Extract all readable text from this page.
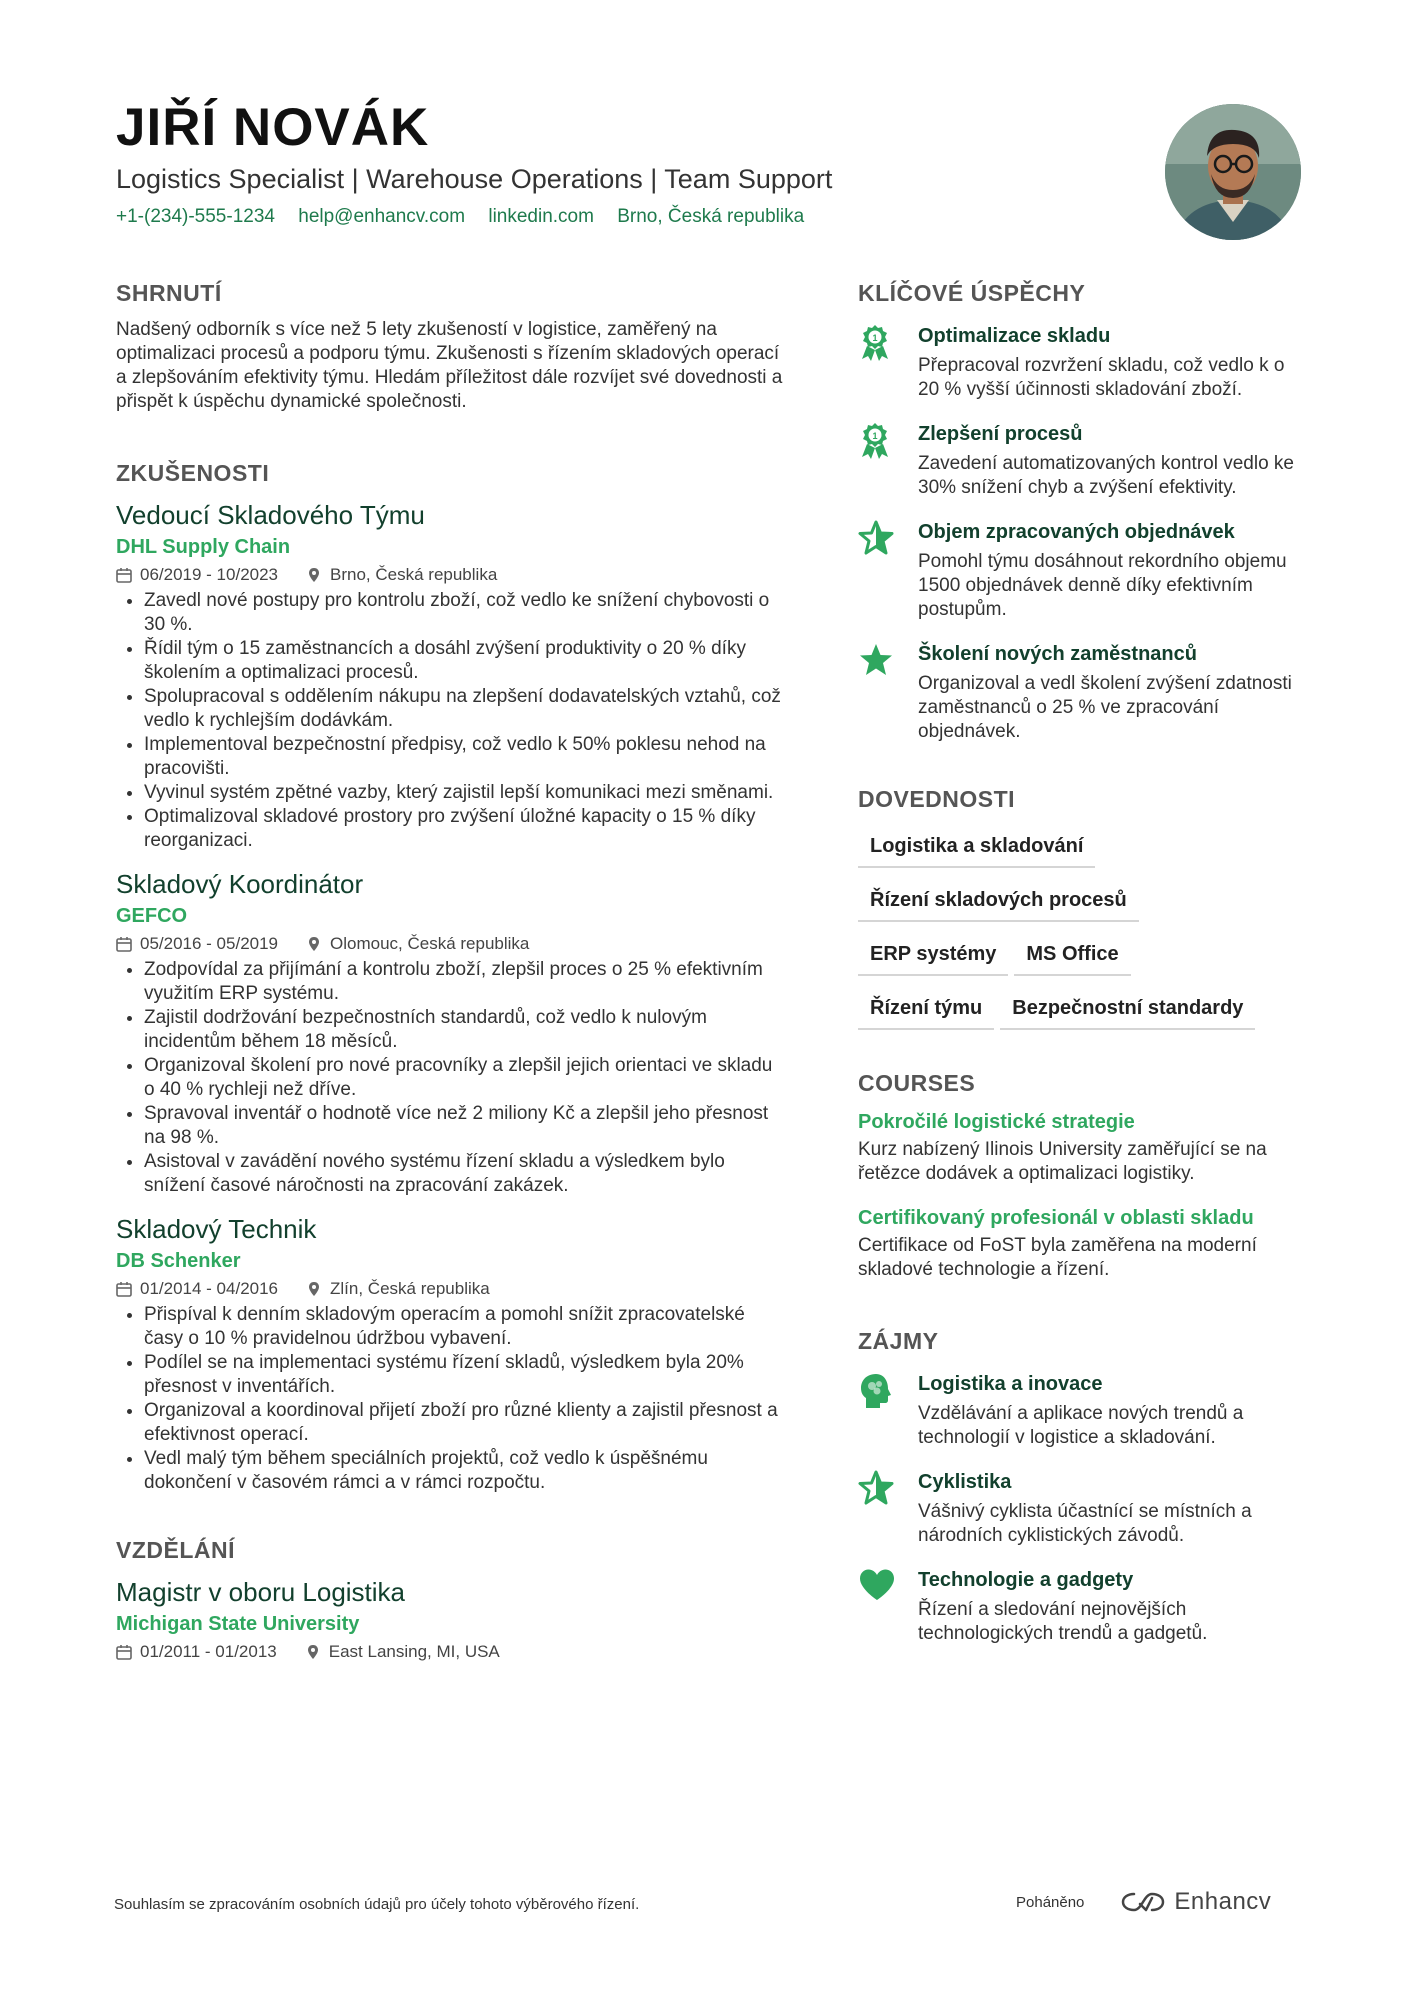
JIŘÍ NOVÁK
Logistics Specialist | Warehouse Operations | Team Support
+1-(234)-555-1234 help@enhancv.com linkedin.com Brno, Česká republika
SHRNUTÍ
Nadšený odborník s více než 5 lety zkušeností v logistice, zaměřený na optimalizaci procesů a podporu týmu. Zkušenosti s řízením skladových operací a zlepšováním efektivity týmu. Hledám příležitost dále rozvíjet své dovednosti a přispět k úspěchu dynamické společnosti.
ZKUŠENOSTI
Vedoucí Skladového Týmu
DHL Supply Chain
06/2019 - 10/2023	Brno, Česká republika
Zavedl nové postupy pro kontrolu zboží, což vedlo ke snížení chybovosti o 30 %.
Řídil tým o 15 zaměstnancích a dosáhl zvýšení produktivity o 20 % díky školením a optimalizaci procesů.
Spolupracoval s oddělením nákupu na zlepšení dodavatelských vztahů, což vedlo k rychlejším dodávkám.
Implementoval bezpečnostní předpisy, což vedlo k 50% poklesu nehod na pracovišti.
Vyvinul systém zpětné vazby, který zajistil lepší komunikaci mezi směnami.
Optimalizoval skladové prostory pro zvýšení úložné kapacity o 15 % díky reorganizaci.
Skladový Koordinátor
GEFCO
05/2016 - 05/2019	Olomouc, Česká republika
Zodpovídal za přijímání a kontrolu zboží, zlepšil proces o 25 % efektivním využitím ERP systému.
Zajistil dodržování bezpečnostních standardů, což vedlo k nulovým incidentům během 18 měsíců.
Organizoval školení pro nové pracovníky a zlepšil jejich orientaci ve skladu o 40 % rychleji než dříve.
Spravoval inventář o hodnotě více než 2 miliony Kč a zlepšil jeho přesnost na 98 %.
Asistoval v zavádění nového systému řízení skladu a výsledkem bylo snížení časové náročnosti na zpracování zakázek.
Skladový Technik
DB Schenker
01/2014 - 04/2016	Zlín, Česká republika
Přispíval k denním skladovým operacím a pomohl snížit zpracovatelské časy o 10 % pravidelnou údržbou vybavení.
Podílel se na implementaci systému řízení skladů, výsledkem byla 20% přesnost v inventářích.
Organizoval a koordinoval přijetí zboží pro různé klienty a zajistil přesnost a efektivnost operací.
Vedl malý tým během speciálních projektů, což vedlo k úspěšnému dokončení v časovém rámci a v rámci rozpočtu.
VZDĚLÁNÍ
Magistr v oboru Logistika
Michigan State University
01/2011 - 01/2013	East Lansing, MI, USA
KLÍČOVÉ ÚSPĚCHY
1 Optimalizace skladu
Přepracoval rozvržení skladu, což vedlo k o 20 % vyšší účinnosti skladování zboží.
1 Zlepšení procesů
Zavedení automatizovaných kontrol vedlo ke 30% snížení chyb a zvýšení efektivity.
Objem zpracovaných objednávek
Pomohl týmu dosáhnout rekordního objemu 1500 objednávek denně díky efektivním postupům.
Školení nových zaměstnanců
Organizoval a vedl školení zvýšení zdatnosti zaměstnanců o 25 % ve zpracování objednávek.
DOVEDNOSTI
Logistika a skladování
Řízení skladových procesů
ERP systémy	MS Office
Řízení týmu	Bezpečnostní standardy
COURSES
Pokročilé logistické strategie
Kurz nabízený Ilinois University zaměřující se na řetězce dodávek a optimalizaci logistiky.
Certifikovaný profesionál v oblasti skladu
Certifikace od FoST byla zaměřena na moderní skladové technologie a řízení.
ZÁJMY
Logistika a inovace
Vzdělávání a aplikace nových trendů a technologií v logistice a skladování.
Cyklistika
Vášnivý cyklista účastnící se místních a národních cyklistických závodů.
Technologie a gadgety
Řízení a sledování nejnovějších technologických trendů a gadgetů.
Souhlasím se zpracováním osobních údajů pro účely tohoto výběrového řízení.	Poháněno	Enhancv
